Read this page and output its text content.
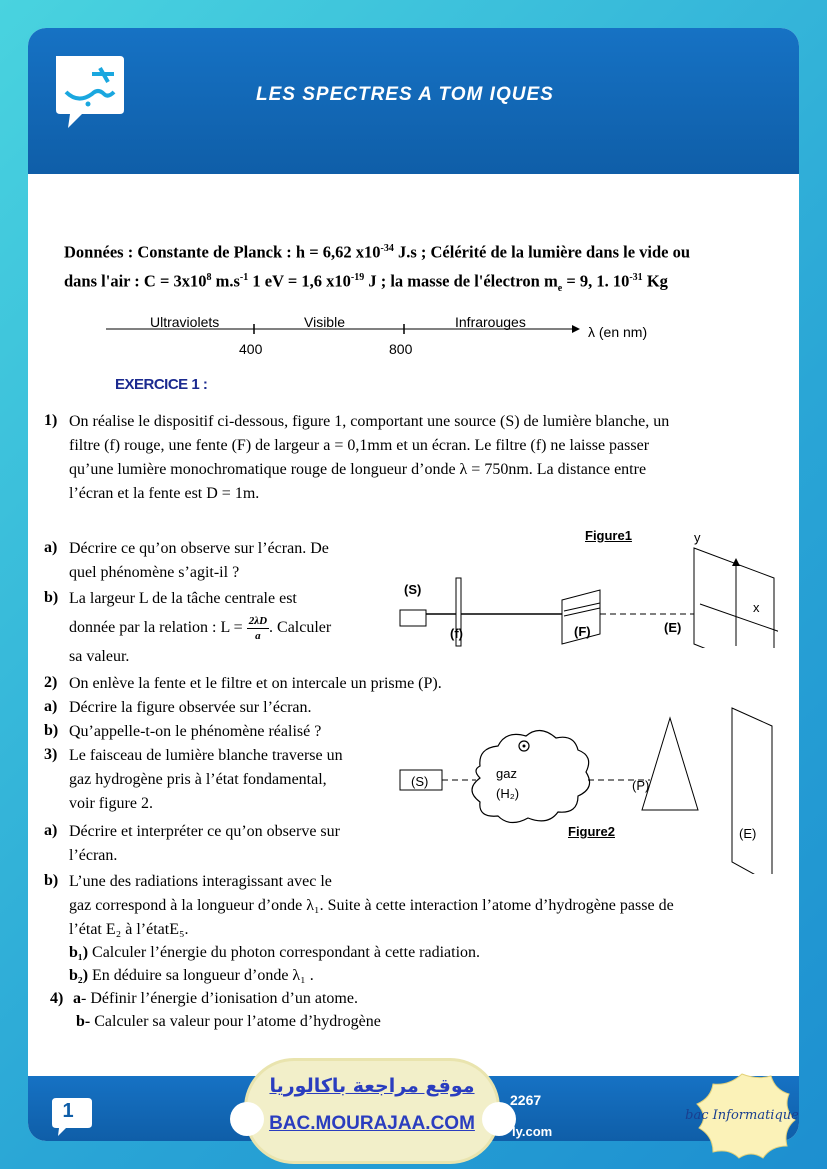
LES SPECTRES A TOM IQUES
Données : Constante de Planck : h = 6,62 $x10^{-34}$ J.s ; Célérité de la lumière dans le vide ou
dans l'air : $C = 3x10^8$ $m.s^{-1}$ 1 eV = 1,6 $x10^{-19}$ J ; la masse de l'électron $m_e = 9$, 1. $10^{-31}$ Kg
Ultraviolets	Visible	Infrarouges
400	800
λ (en nm)
EXERCICE 1 :
1) On réalise le dispositif ci-dessous, figure 1, comportant une source (S) de lumière blanche, un
filtre (f) rouge, une fente (F) de largeur a = 0,1mm et un écran. Le filtre (f) ne laisse passer
qu’une lumière monochromatique rouge de longueur d’onde λ = 750nm. La distance entre
l’écran et la fente est D = 1m.
a) Décrire ce qu’on observe sur l’écran. De
quel phénomène s’agit-il ?
b) La largeur L de la tâche centrale est
donnée par la relation : $L = \frac{2\lambda D}{a}$ . Calculer
sa valeur.
Figure1
(S)
(f)	(F)	(E)
y
x
2) On enlève la fente et le filtre et on intercale un prisme (P).
a) Décrire la figure observée sur l’écran.
b) Qu’appelle-t-on le phénomène réalisé ?
3) Le faisceau de lumière blanche traverse un
gaz hydrogène pris à l’état fondamental,
voir figure 2.
a) Décrire et interpréter ce qu’on observe sur
l’écran.
b) L’une des radiations interagissant avec le
gaz correspond à la longueur d’onde λ₁. Suite à cette interaction l’atome d’hydrogène passe de
l’état E₂ à l’étatE₅.
b₁) Calculer l’énergie du photon correspondant à cette radiation.
b₂) En déduire sa longueur d’onde λ₁ .
4) a- Définir l’énergie d’ionisation d’un atome.
b- Calculer sa valeur pour l’atome d’hydrogène
(S)
gaz
(H₂)
(P)
(E)
Figure2
1	2267
ly.com
موقع مراجعة باكالوريا
BAC.MOURAJAA.COM	bac Informatique
